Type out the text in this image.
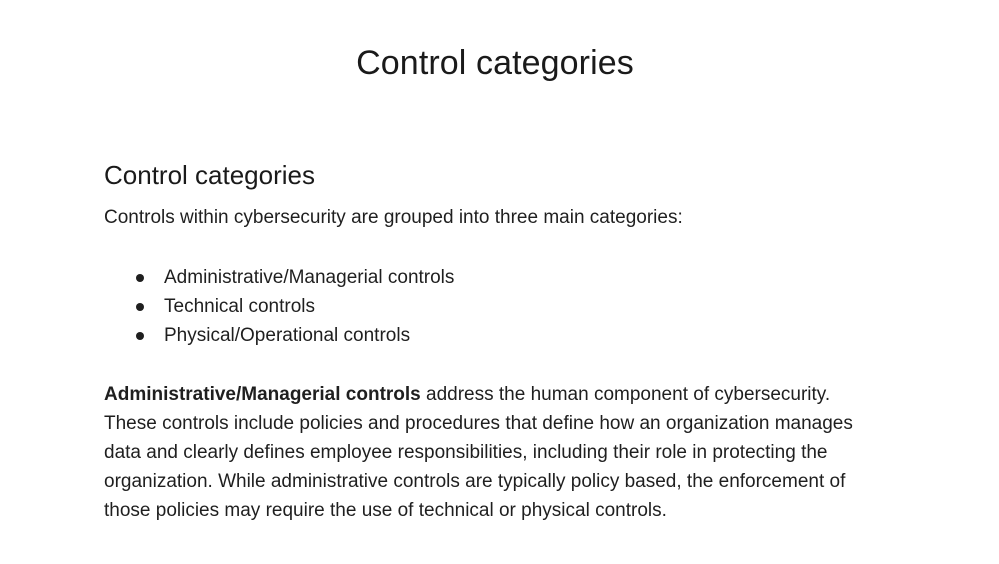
Control categories
Control categories

Controls within cybersecurity are grouped into three main categories:

Administrative/Managerial controls
Technical controls
Physical/Operational controls

Administrative/Managerial controls address the human component of cybersecurity. These controls include policies and procedures that define how an organization manages data and clearly defines employee responsibilities, including their role in protecting the organization. While administrative controls are typically policy based, the enforcement of those policies may require the use of technical or physical controls.
